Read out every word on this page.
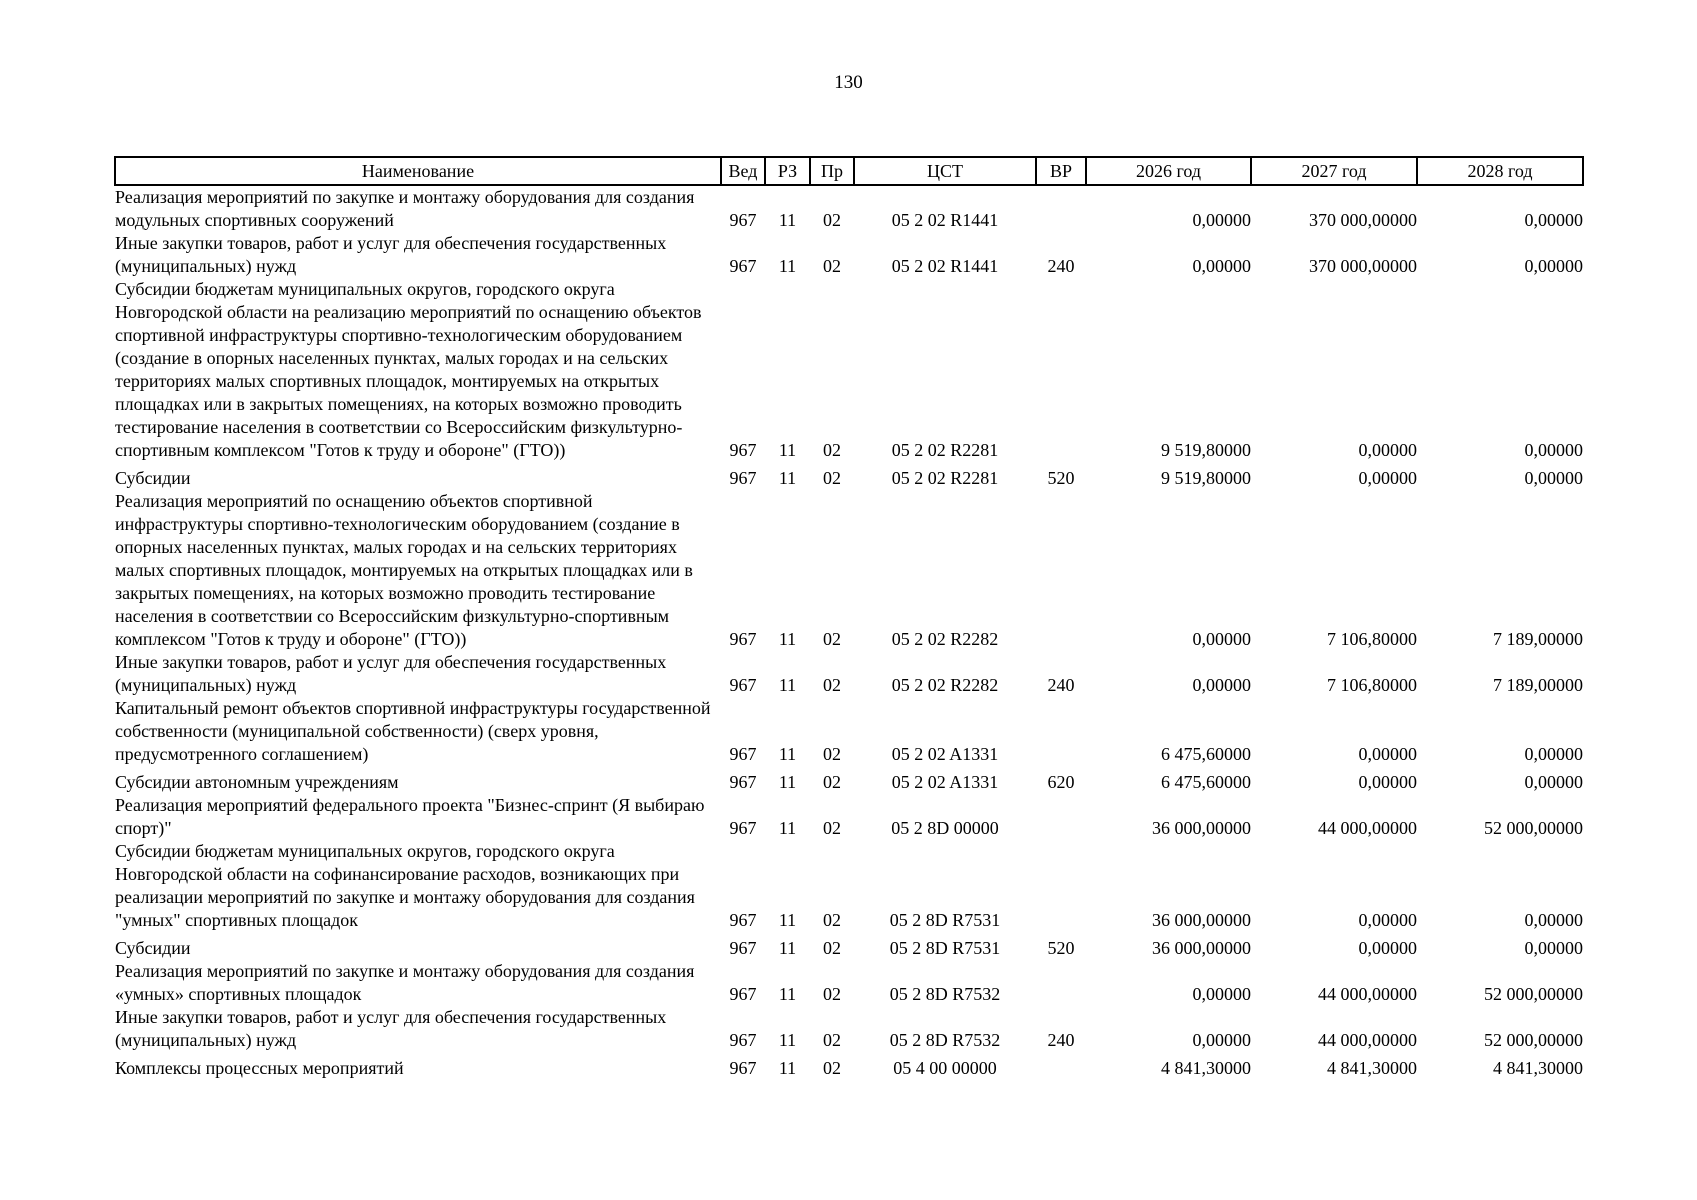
130
Наименование	Вед	РЗ	Пр	ЦСТ	ВР	2026 год	2027 год	2028 год
Реализация мероприятий по закупке и монтажу оборудования для создания модульных спортивных сооружений	967	11	02	05 2 02 R1441		0,00000	370 000,00000	0,00000
Иные закупки товаров, работ и услуг для обеспечения государственных (муниципальных) нужд	967	11	02	05 2 02 R1441	240	0,00000	370 000,00000	0,00000
Субсидии бюджетам муниципальных округов, городского округа Новгородской области на реализацию мероприятий по оснащению объектов спортивной инфраструктуры спортивно-технологическим оборудованием (создание в опорных населенных пунктах, малых городах и на сельских территориях малых спортивных площадок, монтируемых на открытых площадках или в закрытых помещениях, на которых возможно проводить тестирование населения в соответствии со Всероссийским физкультурно-спортивным комплексом "Готов к труду и обороне" (ГТО))	967	11	02	05 2 02 R2281		9 519,80000	0,00000	0,00000
Субсидии	967	11	02	05 2 02 R2281	520	9 519,80000	0,00000	0,00000
Реализация мероприятий по оснащению объектов спортивной инфраструктуры спортивно-технологическим оборудованием (создание в опорных населенных пунктах, малых городах и на сельских территориях малых спортивных площадок, монтируемых на открытых площадках или в закрытых помещениях, на которых возможно проводить тестирование населения в соответствии со Всероссийским физкультурно-спортивным комплексом "Готов к труду и обороне" (ГТО))	967	11	02	05 2 02 R2282		0,00000	7 106,80000	7 189,00000
Иные закупки товаров, работ и услуг для обеспечения государственных (муниципальных) нужд	967	11	02	05 2 02 R2282	240	0,00000	7 106,80000	7 189,00000
Капитальный ремонт объектов спортивной инфраструктуры государственной собственности (муниципальной собственности) (сверх уровня, предусмотренного соглашением)	967	11	02	05 2 02 A1331		6 475,60000	0,00000	0,00000
Субсидии автономным учреждениям	967	11	02	05 2 02 A1331	620	6 475,60000	0,00000	0,00000
Реализация мероприятий федерального проекта "Бизнес-спринт (Я выбираю спорт)"	967	11	02	05 2 8D 00000		36 000,00000	44 000,00000	52 000,00000
Субсидии бюджетам муниципальных округов, городского округа Новгородской области на софинансирование расходов, возникающих при реализации мероприятий по закупке и монтажу оборудования для создания "умных" спортивных площадок	967	11	02	05 2 8D R7531		36 000,00000	0,00000	0,00000
Субсидии	967	11	02	05 2 8D R7531	520	36 000,00000	0,00000	0,00000
Реализация мероприятий по закупке и монтажу оборудования для создания «умных» спортивных площадок	967	11	02	05 2 8D R7532		0,00000	44 000,00000	52 000,00000
Иные закупки товаров, работ и услуг для обеспечения государственных (муниципальных) нужд	967	11	02	05 2 8D R7532	240	0,00000	44 000,00000	52 000,00000
Комплексы процессных мероприятий	967	11	02	05 4 00 00000		4 841,30000	4 841,30000	4 841,30000
